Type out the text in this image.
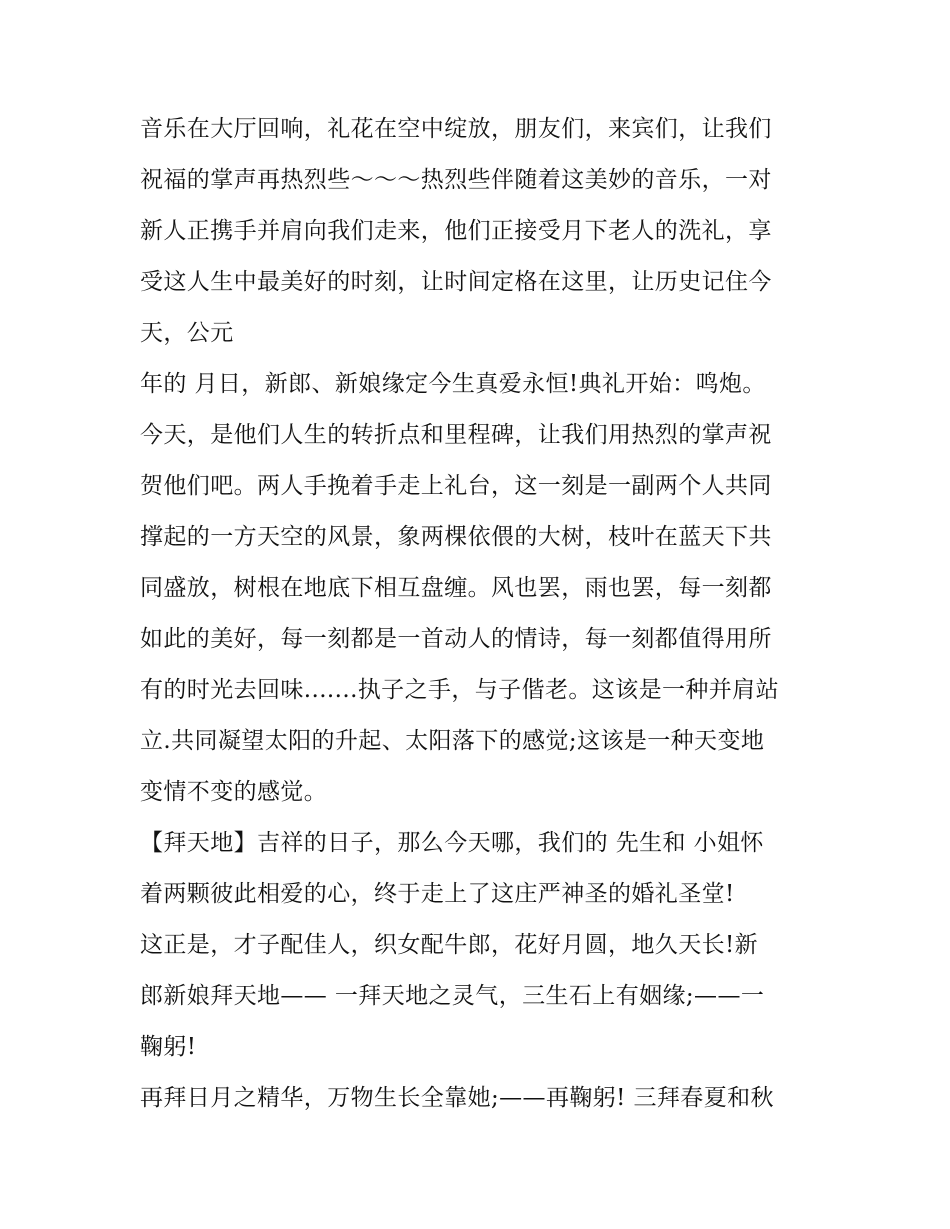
音乐在大厅回响，礼花在空中绽放，朋友们，来宾们，让我们
祝福的掌声再热烈些～～～热烈些伴随着这美妙的音乐，一对
新人正携手并肩向我们走来，他们正接受月下老人的洗礼，享
受这人生中最美好的时刻，让时间定格在这里，让历史记住今
天，公元
年的 月日，新郎、新娘缘定今生真爱永恒!典礼开始：鸣炮。
今天，是他们人生的转折点和里程碑，让我们用热烈的掌声祝
贺他们吧。两人手挽着手走上礼台，这一刻是一副两个人共同
撑起的一方天空的风景，象两棵依偎的大树，枝叶在蓝天下共
同盛放，树根在地底下相互盘缠。风也罢，雨也罢，每一刻都
如此的美好，每一刻都是一首动人的情诗，每一刻都值得用所
有的时光去回味.......执子之手，与子偕老。这该是一种并肩站
立.共同凝望太阳的升起、太阳落下的感觉;这该是一种天变地
变情不变的感觉。
【拜天地】吉祥的日子，那么今天哪，我们的 先生和 小姐怀
着两颗彼此相爱的心，终于走上了这庄严神圣的婚礼圣堂!
这正是，才子配佳人，织女配牛郎，花好月圆，地久天长!新
郎新娘拜天地—— 一拜天地之灵气，三生石上有姻缘;——一
鞠躬!
再拜日月之精华，万物生长全靠她;——再鞠躬! 三拜春夏和秋
